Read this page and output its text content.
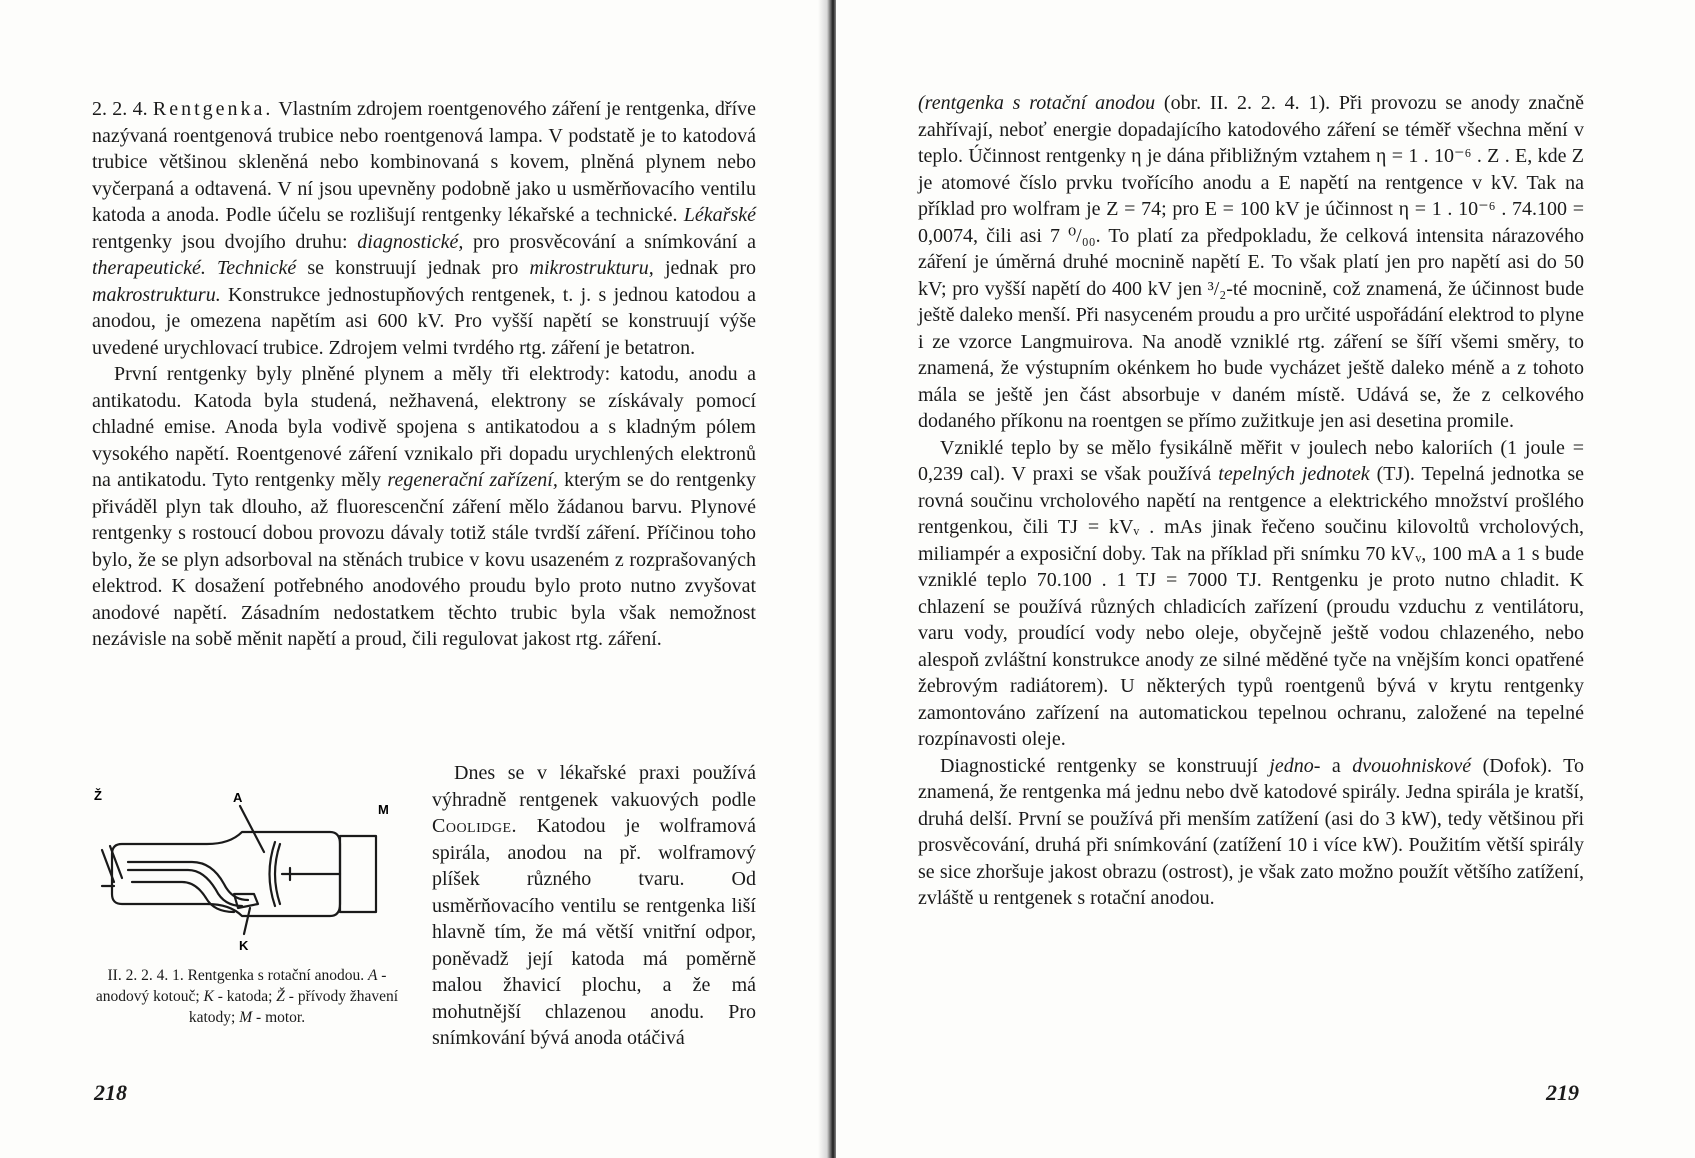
2. 2. 4. Rentgenka. Vlastním zdrojem roentgenového záření je rentgenka, dříve nazývaná roentgenová trubice nebo roentgenová lampa. V podstatě je to katodová trubice většinou skleněná nebo kombinovaná s kovem, plněná plynem nebo vyčerpaná a odtavená. V ní jsou upevněny podobně jako u usměrňovacího ventilu katoda a anoda. Podle účelu se rozlišují rentgenky lékařské a technické. Lékařské rentgenky jsou dvojího druhu: diagnostické, pro prosvěcování a snímkování a therapeutické. Technické se konstruují jednak pro mikrostrukturu, jednak pro makrostrukturu. Konstrukce jednostupňových rentgenek, t. j. s jednou katodou a anodou, je omezena napětím asi 600 kV. Pro vyšší napětí se konstruují výše uvedené urychlovací trubice. Zdrojem velmi tvrdého rtg. záření je betatron.

První rentgenky byly plněné plynem a měly tři elektrody: katodu, anodu a antikatodu. Katoda byla studená, nežhavená, elektrony se získávaly pomocí chladné emise. Anoda byla vodivě spojena s antikatodou a s kladným pólem vysokého napětí. Roentgenové záření vznikalo při dopadu urychlených elektronů na antikatodu. Tyto rentgenky měly regenerační zařízení, kterým se do rentgenky přiváděl plyn tak dlouho, až fluorescenční záření mělo žádanou barvu. Plynové rentgenky s rostoucí dobou provozu dávaly totiž stále tvrdší záření. Příčinou toho bylo, že se plyn adsorboval na stěnách trubice v kovu usazeném z rozprašovaných elektrod. K dosažení potřebného anodového proudu bylo proto nutno zvyšovat anodové napětí. Zásadním nedostatkem těchto trubic byla však nemožnost nezávisle na sobě měnit napětí a proud, čili regulovat jakost rtg. záření.

A
K
Ž
M
II. 2. 2. 4. 1. Rentgenka s rotační anodou. A - anodový kotouč; K - katoda; Ž - přívody žhavení katody; M - motor.

Dnes se v lékařské praxi používá výhradně rentgenek vakuových podle Coolidge. Katodou je wolframová spirála, anodou na př. wolframový plíšek různého tvaru. Od usměrňovacího ventilu se rentgenka liší hlavně tím, že má větší vnitřní odpor, poněvadž její katoda má poměrně malou žhavicí plochu, a že má mohutnější chlazenou anodu. Pro snímkování bývá anoda otáčivá

218

(rentgenka s rotační anodou (obr. II. 2. 2. 4. 1). Při provozu se anody značně zahřívají, neboť energie dopadajícího katodového záření se téměř všechna mění v teplo. Účinnost rentgenky η je dána přibližným vztahem η = 1 . 10⁻⁶ . Z . E, kde Z je atomové číslo prvku tvořícího anodu a E napětí na rentgence v kV. Tak na příklad pro wolfram je Z = 74; pro E = 100 kV je účinnost η = 1 . 10⁻⁶ . 74.100 = 0,0074, čili asi 7 ⁰/₀₀. To platí za předpokladu, že celková intensita nárazového záření je úměrná druhé mocnině napětí E. To však platí jen pro napětí asi do 50 kV; pro vyšší napětí do 400 kV jen ³/₂-té mocnině, což znamená, že účinnost bude ještě daleko menší. Při nasyceném proudu a pro určité uspořádání elektrod to plyne i ze vzorce Langmuirova. Na anodě vzniklé rtg. záření se šíří všemi směry, to znamená, že výstupním okénkem ho bude vycházet ještě daleko méně a z tohoto mála se ještě jen část absorbuje v daném místě. Udává se, že z celkového dodaného příkonu na roentgen se přímo zužitkuje jen asi desetina promile.

Vzniklé teplo by se mělo fysikálně měřit v joulech nebo kaloriích (1 joule = 0,239 cal). V praxi se však používá tepelných jednotek (TJ). Tepelná jednotka se rovná součinu vrcholového napětí na rentgence a elektrického množství prošlého rentgenkou, čili TJ = kVᵥ . mAs jinak řečeno součinu kilovoltů vrcholových, miliampér a exposiční doby. Tak na příklad při snímku 70 kVᵥ, 100 mA a 1 s bude vzniklé teplo 70.100 . 1 TJ = 7000 TJ. Rentgenku je proto nutno chladit. K chlazení se používá různých chladicích zařízení (proudu vzduchu z ventilátoru, varu vody, proudící vody nebo oleje, obyčejně ještě vodou chlazeného, nebo alespoň zvláštní konstrukce anody ze silné měděné tyče na vnějším konci opatřené žebrovým radiátorem). U některých typů roentgenů bývá v krytu rentgenky zamontováno zařízení na automatickou tepelnou ochranu, založené na tepelné rozpínavosti oleje.

Diagnostické rentgenky se konstruují jedno- a dvouohniskové (Dofok). To znamená, že rentgenka má jednu nebo dvě katodové spirály. Jedna spirála je kratší, druhá delší. První se používá při menším zatížení (asi do 3 kW), tedy většinou při prosvěcování, druhá při snímkování (zatížení 10 i více kW). Použitím větší spirály se sice zhoršuje jakost obrazu (ostrost), je však zato možno použít většího zatížení, zvláště u rentgenek s rotační anodou.

219
